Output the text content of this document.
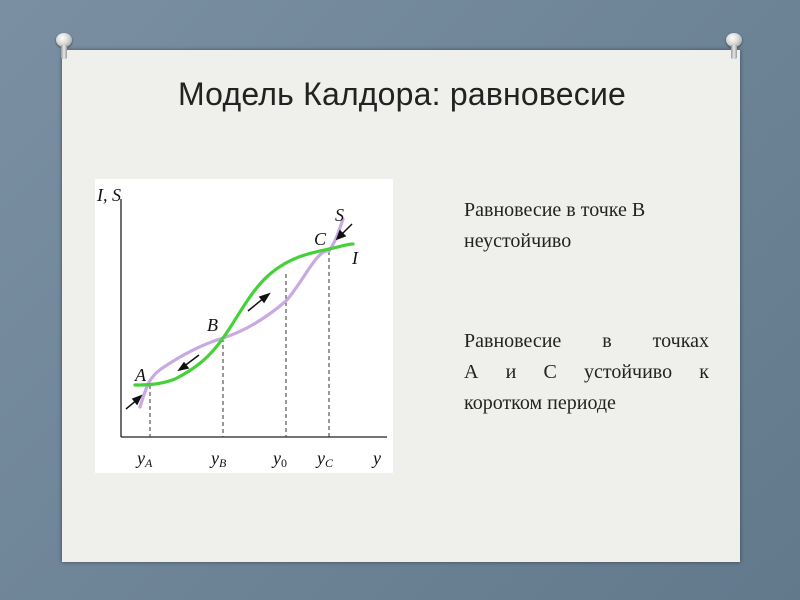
Модель Калдора: равновесие
I, S
y
S
I
A
B
C
yA	yB	y0 yC
Равновесие в точке В
неустойчиво
Равновесие в точках
А и С устойчиво к
коротком периоде
